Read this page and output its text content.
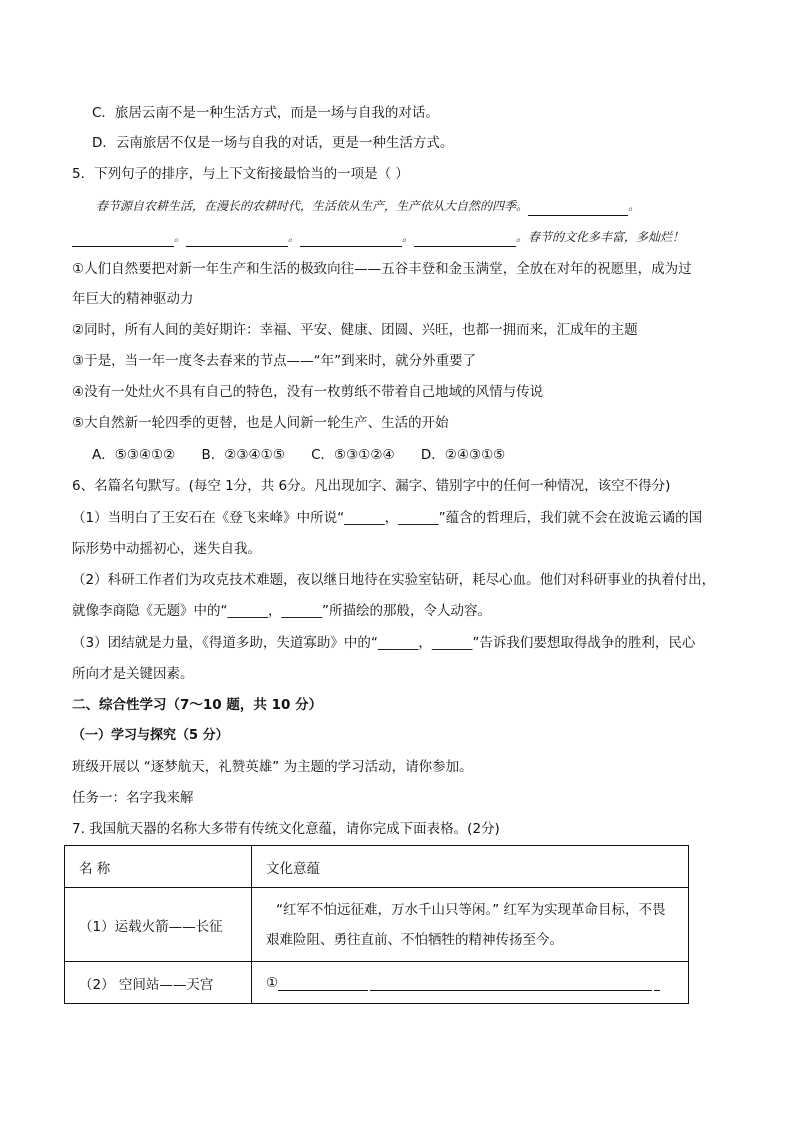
C．旅居云南不是一种生活方式，而是一场与自我的对话。
D．云南旅居不仅是一场与自我的对话，更是一种生活方式。
5．下列句子的排序，与上下文衔接最恰当的一项是（ ）
春节源自农耕生活，在漫长的农耕时代，生活依从生产，生产依从大自然的四季。	。
。	。	。	。春节的文化多丰富，多灿烂！
①人们自然要把对新一年生产和生活的极致向往——五谷丰登和金玉满堂，全放在对年的祝愿里，成为过
年巨大的精神驱动力
②同时，所有人间的美好期许：幸福、平安、健康、团圆、兴旺，也都一拥而来，汇成年的主题
③于是，当一年一度冬去春来的节点——“年”到来时，就分外重要了
④没有一处灶火不具有自己的特色，没有一枚剪纸不带着自己地域的风情与传说
⑤大自然新一轮四季的更替，也是人间新一轮生产、生活的开始
A．⑤③④①② B．②③④①⑤ C．⑤③①②④ D．②④③①⑤
6、名篇名句默写。(每空 1分，共 6分。凡出现加字、漏字、错别字中的任何一种情况，该空不得分)
（1）当明白了王安石在《登飞来峰》中所说“______，______”蕴含的哲理后，我们就不会在波诡云谲的国
际形势中动摇初心，迷失自我。
（2）科研工作者们为攻克技术难题，夜以继日地待在实验室钻研，耗尽心血。他们对科研事业的执着付出，
就像李商隐《无题》中的“______，______”所描绘的那般，令人动容。
（3）团结就是力量，《得道多助，失道寡助》中的“______，______”告诉我们要想取得战争的胜利，民心
所向才是关键因素。
二、综合性学习（7～10 题，共 10 分）
（一）学习与探究（5 分）
班级开展以 “逐梦航天，礼赞英雄” 为主题的学习活动，请你参加。
任务一：名字我来解
7. 我国航天器的名称大多带有传统文化意蕴，请你完成下面表格。(2分)
名 称	文化意蕴
（1）运载火箭——长征	“红军不怕远征难，万水千山只等闲。” 红军为实现革命目标，不畏艰难险阻、勇往直前、不怕牺牲的精神传扬至今。

（2） 空间站——天宫	①
